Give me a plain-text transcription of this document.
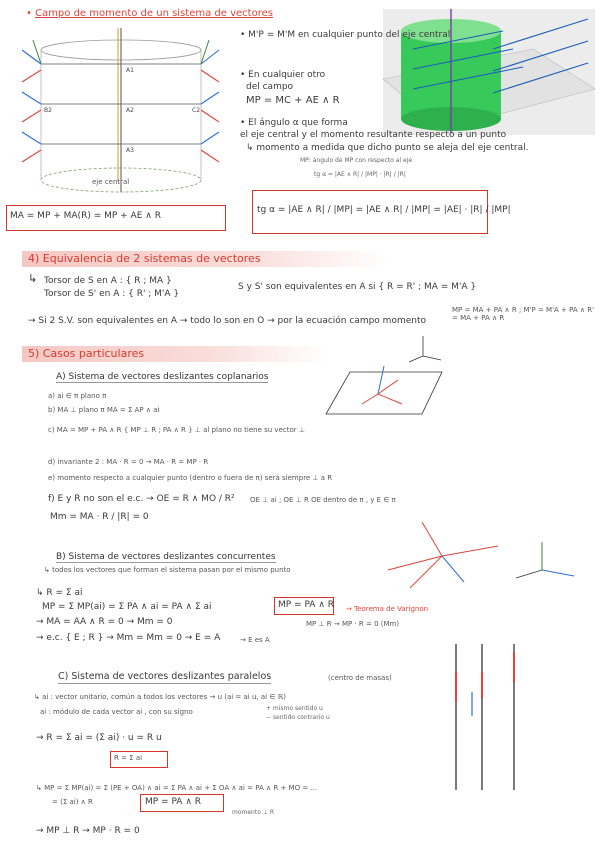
• Campo de momento de un sistema de vectores
A1
A2
A3
C2
B2
eje central
• M'P = M'M en cualquier punto del eje central
• En cualquier otro
del campo
MP = MC + AE ∧ R
• El ángulo α que forma
el eje central y el momento resultante respecto a un punto
↳ momento a medida que dicho punto se aleja del eje central.
MP: ángulo de MP con respecto al eje
tg α = |AE ∧ R| / |MP| · |R| / |R|
MA = MP + MA(R) = MP + AE ∧ R
tg α = |AE ∧ R| / |MP| = |AE ∧ R| / |MP| = |AE| · |R| / |MP|
4) Equivalencia de 2 sistemas de vectores
↳ Torsor de S en A : { R ; MA }
Torsor de S' en A : { R' ; M'A }
S y S' son equivalentes en A si { R = R' ; MA = M'A }
→ Si 2 S.V. son equivalentes en A → todo lo son en O → por la ecuación campo momento
MP = MA + PA ∧ R ; M'P = M'A + PA ∧ R' = MA + PA ∧ R
5) Casos particulares
A) Sistema de vectores deslizantes coplanarios
a) ai ∈ π plano π
b) MA ⊥ plano π MA = Σ AP ∧ ai
c) MA = MP + PA ∧ R { MP ⊥ R ; PA ∧ R } ⊥ al plano no tiene su vector ⊥
d) invariante 2 : MA · R = 0 → MA · R = MP · R
e) momento respecto a cualquier punto (dentro o fuera de π) será siempre ⊥ a R
f) E y R no son el e.c. → OE = R ∧ MO / R² OE ⊥ ai ; OE ⊥ R OE dentro de π , y E ∈ π
Mm = MA · R / |R| = 0
B) Sistema de vectores deslizantes concurrentes
↳ todos los vectores que forman el sistema pasan por el mismo punto
↳ R = Σ ai
MP = Σ MP(ai) = Σ PA ∧ ai = PA ∧ Σ ai	MP = PA ∧ R → Teorema de Varignon
→ MA = AA ∧ R = 0 → Mm = 0	MP ⊥ R → MP · R = 0 (Mm)
→ e.c. { E ; R } → Mm = Mm = 0 → E = A	→ E es A
C) Sistema de vectores deslizantes paralelos	(centro de masas)
↳ ai : vector unitario, común a todos los vectores → u (ai = ai u, ai ∈ ℝ)
ai : módulo de cada vector ai , con su signo	+ mismo sentido u
− sentido contrario u
→ R = Σ ai = (Σ ai) · u = R u
R = Σ ai
↳ MP = Σ MP(ai) = Σ (PE + OA) ∧ ai = Σ PA ∧ ai + Σ OA ∧ ai = PA ∧ R + MO = ...
= (Σ ai) ∧ R	MP = PA ∧ R
momento ⊥ R
→ MP ⊥ R → MP · R = 0
